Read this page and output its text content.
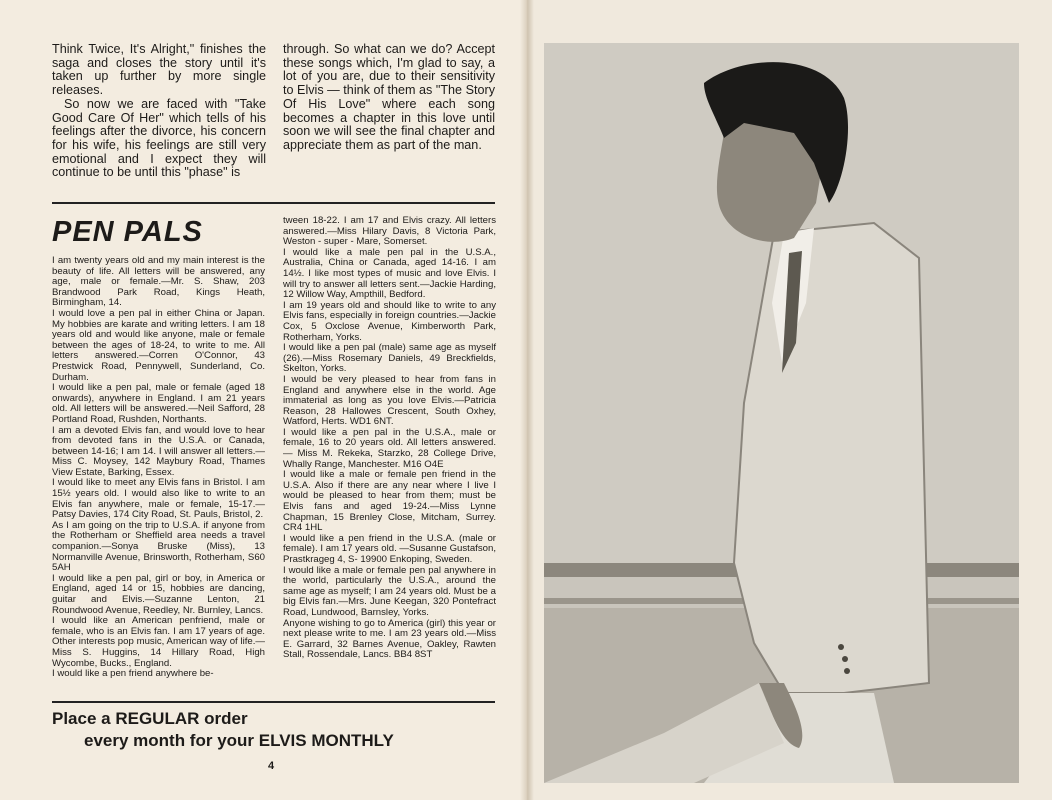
Think Twice, It's Alright," finishes the saga and closes the story until it's taken up further by more single releases.

So now we are faced with "Take Good Care Of Her" which tells of his feelings after the divorce, his concern for his wife, his feelings are still very emotional and I expect they will continue to be until this "phase" is

through. So what can we do? Accept these songs which, I'm glad to say, a lot of you are, due to their sensitivity to Elvis — think of them as "The Story Of His Love" where each song becomes a chapter in this love until soon we will see the final chapter and appreciate them as part of the man.

PEN PALS
I am twenty years old and my main interest is the beauty of life. All letters will be answered, any age, male or female.—Mr. S. Shaw, 203 Brandwood Park Road, Kings Heath, Birmingham, 14.
I would love a pen pal in either China or Japan. My hobbies are karate and writing letters. I am 18 years old and would like anyone, male or female between the ages of 18-24, to write to me. All letters answered.—Corren O'Connor, 43 Prestwick Road, Pennywell, Sunderland, Co. Durham.
I would like a pen pal, male or female (aged 18 onwards), anywhere in England. I am 21 years old. All letters will be answered.—Neil Safford, 28 Portland Road, Rushden, Northants.
I am a devoted Elvis fan, and would love to hear from devoted fans in the U.S.A. or Canada, between 14-16; I am 14. I will answer all letters.—Miss C. Moysey, 142 Maybury Road, Thames View Estate, Barking, Essex.
I would like to meet any Elvis fans in Bristol. I am 15½ years old. I would also like to write to an Elvis fan anywhere, male or female, 15-17.—Patsy Davies, 174 City Road, St. Pauls, Bristol, 2.
As I am going on the trip to U.S.A. if anyone from the Rotherham or Sheffield area needs a travel companion.—Sonya Bruske (Miss), 13 Normanville Avenue, Brinsworth, Rotherham, S60 5AH
I would like a pen pal, girl or boy, in America or England, aged 14 or 15, hobbies are dancing, guitar and Elvis.—Suzanne Lenton, 21 Roundwood Avenue, Reedley, Nr. Burnley, Lancs.
I would like an American penfriend, male or female, who is an Elvis fan. I am 17 years of age. Other interests pop music, American way of life.—Miss S. Huggins, 14 Hillary Road, High Wycombe, Bucks., England.
I would like a pen friend anywhere be-
tween 18-22. I am 17 and Elvis crazy. All letters answered.—Miss Hilary Davis, 8 Victoria Park, Weston - super - Mare, Somerset.
I would like a male pen pal in the U.S.A., Australia, China or Canada, aged 14-16. I am 14½. I like most types of music and love Elvis. I will try to answer all letters sent.—Jackie Harding, 12 Willow Way, Ampthill, Bedford.
I am 19 years old and should like to write to any Elvis fans, especially in foreign countries.—Jackie Cox, 5 Oxclose Avenue, Kimberworth Park, Rotherham, Yorks.
I would like a pen pal (male) same age as myself (26).—Miss Rosemary Daniels, 49 Breckfields, Skelton, Yorks.
I would be very pleased to hear from fans in England and anywhere else in the world. Age immaterial as long as you love Elvis.—Patricia Reason, 28 Hallowes Crescent, South Oxhey, Watford, Herts. WD1 6NT.
I would like a pen pal in the U.S.A., male or female, 16 to 20 years old. All letters answered. — Miss M. Rekeka, Starzko, 28 College Drive, Whally Range, Manchester. M16 O4E
I would like a male or female pen friend in the U.S.A. Also if there are any near where I live I would be pleased to hear from them; must be Elvis fans and aged 19-24.—Miss Lynne Chapman, 15 Brenley Close, Mitcham, Surrey. CR4 1HL
I would like a pen friend in the U.S.A. (male or female). I am 17 years old. —Susanne Gustafson, Prastkrageg 4, S- 19900 Enkoping, Sweden.
I would like a male or female pen pal anywhere in the world, particularly the U.S.A., around the same age as myself; I am 24 years old. Must be a big Elvis fan.—Mrs. June Keegan, 320 Pontefract Road, Lundwood, Barnsley, Yorks.
Anyone wishing to go to America (girl) this year or next please write to me. I am 23 years old.—Miss E. Garrard, 32 Barnes Avenue, Oakley, Rawten Stall, Rossendale, Lancs. BB4 8ST
Place a REGULAR order
every month for your ELVIS MONTHLY
4
